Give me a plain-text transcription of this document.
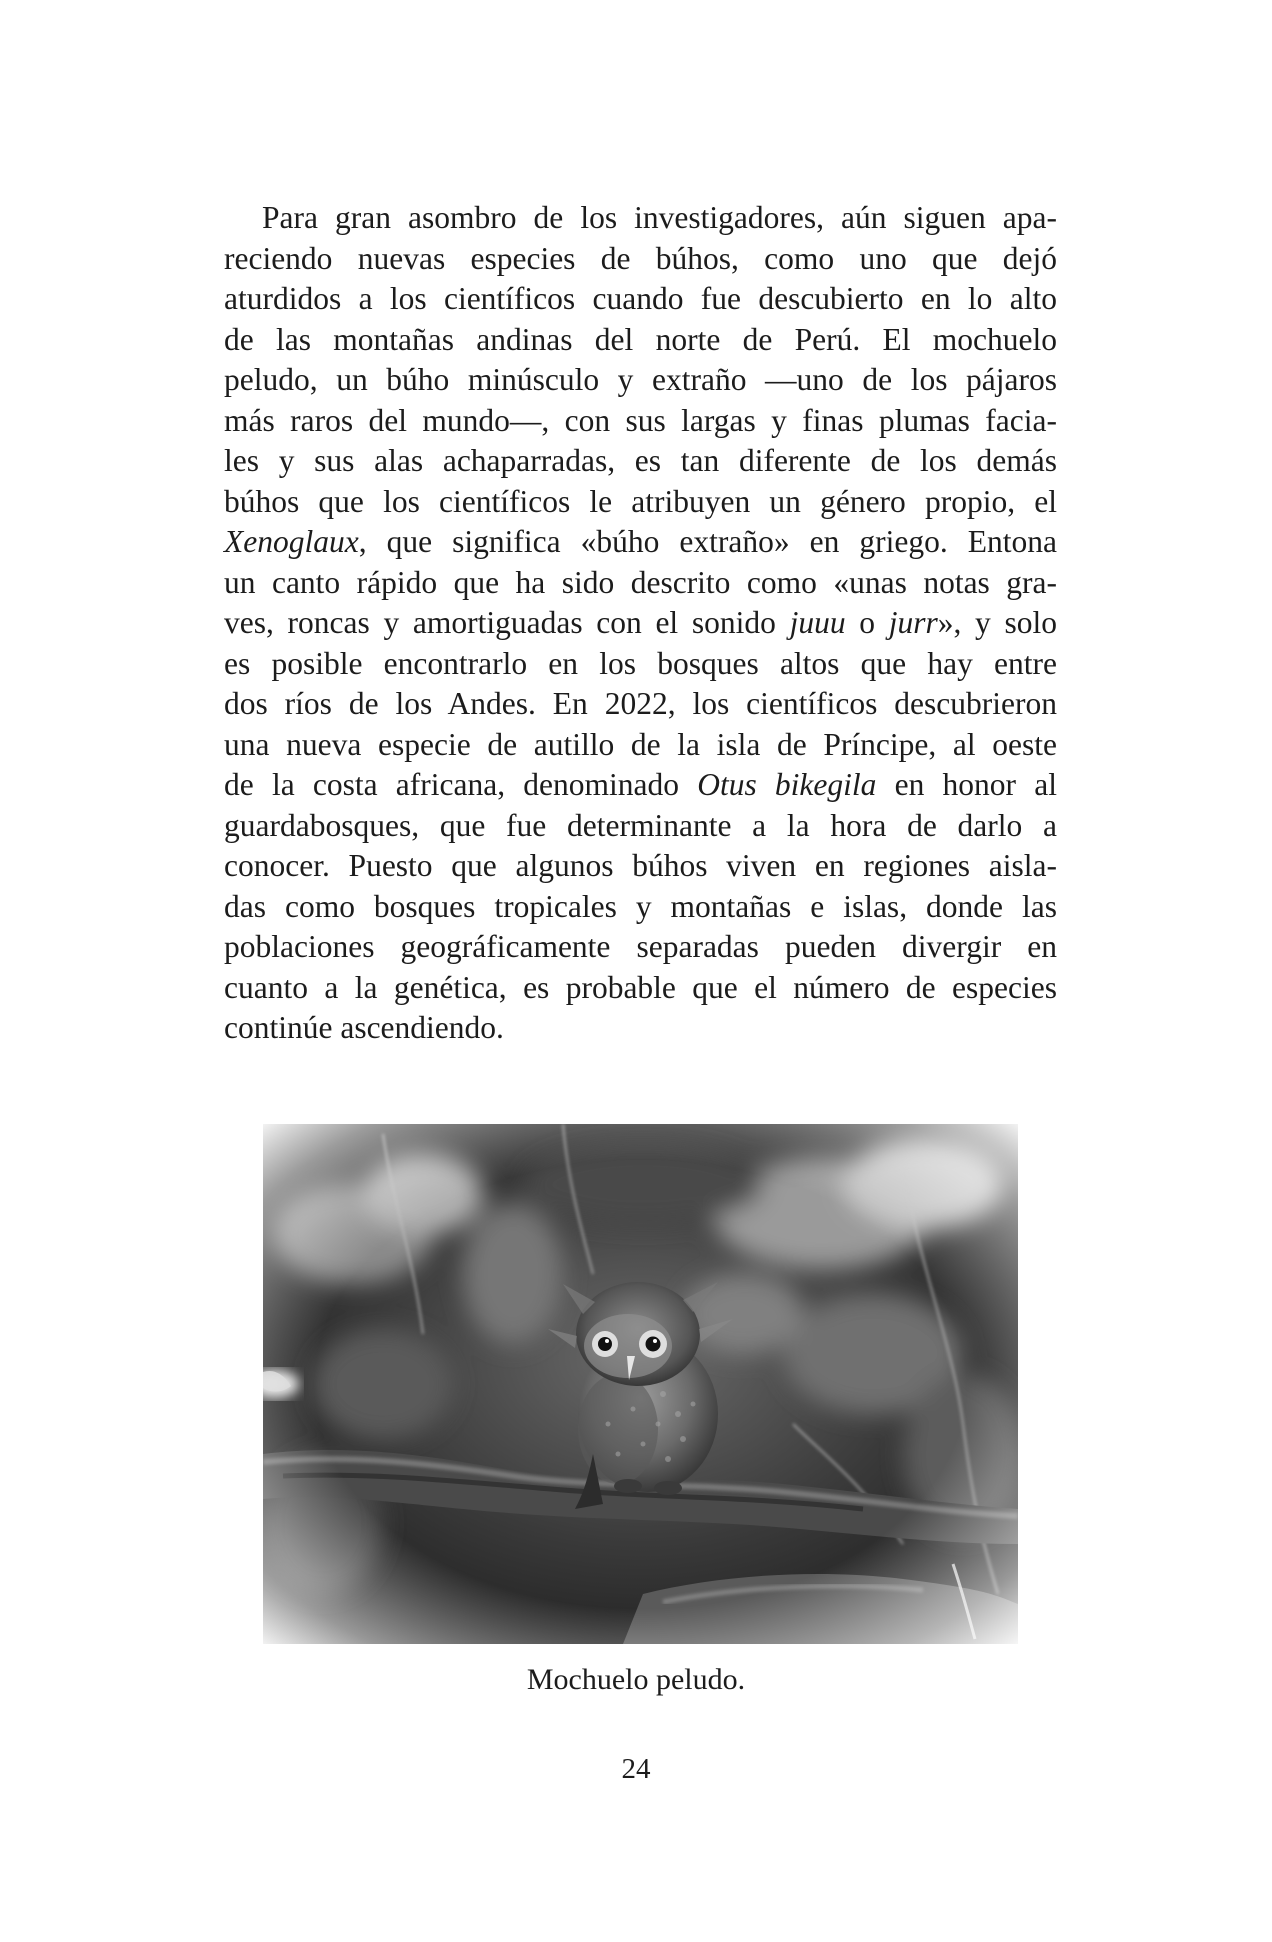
Para gran asombro de los investigadores, aún siguen apa-
reciendo nuevas especies de búhos, como uno que dejó
aturdidos a los científicos cuando fue descubierto en lo alto
de las montañas andinas del norte de Perú. El mochuelo
peludo, un búho minúsculo y extraño —uno de los pájaros
más raros del mundo—, con sus largas y finas plumas facia-
les y sus alas achaparradas, es tan diferente de los demás
búhos que los científicos le atribuyen un género propio, el
Xenoglaux, que significa «búho extraño» en griego. Entona
un canto rápido que ha sido descrito como «unas notas gra-
ves, roncas y amortiguadas con el sonido juuu o jurr», y solo
es posible encontrarlo en los bosques altos que hay entre
dos ríos de los Andes. En 2022, los científicos descubrieron
una nueva especie de autillo de la isla de Príncipe, al oeste
de la costa africana, denominado Otus bikegila en honor al
guardabosques, que fue determinante a la hora de darlo a
conocer. Puesto que algunos búhos viven en regiones aisla-
das como bosques tropicales y montañas e islas, donde las
poblaciones geográficamente separadas pueden divergir en
cuanto a la genética, es probable que el número de especies
continúe ascendiendo.
Mochuelo peludo.
24
